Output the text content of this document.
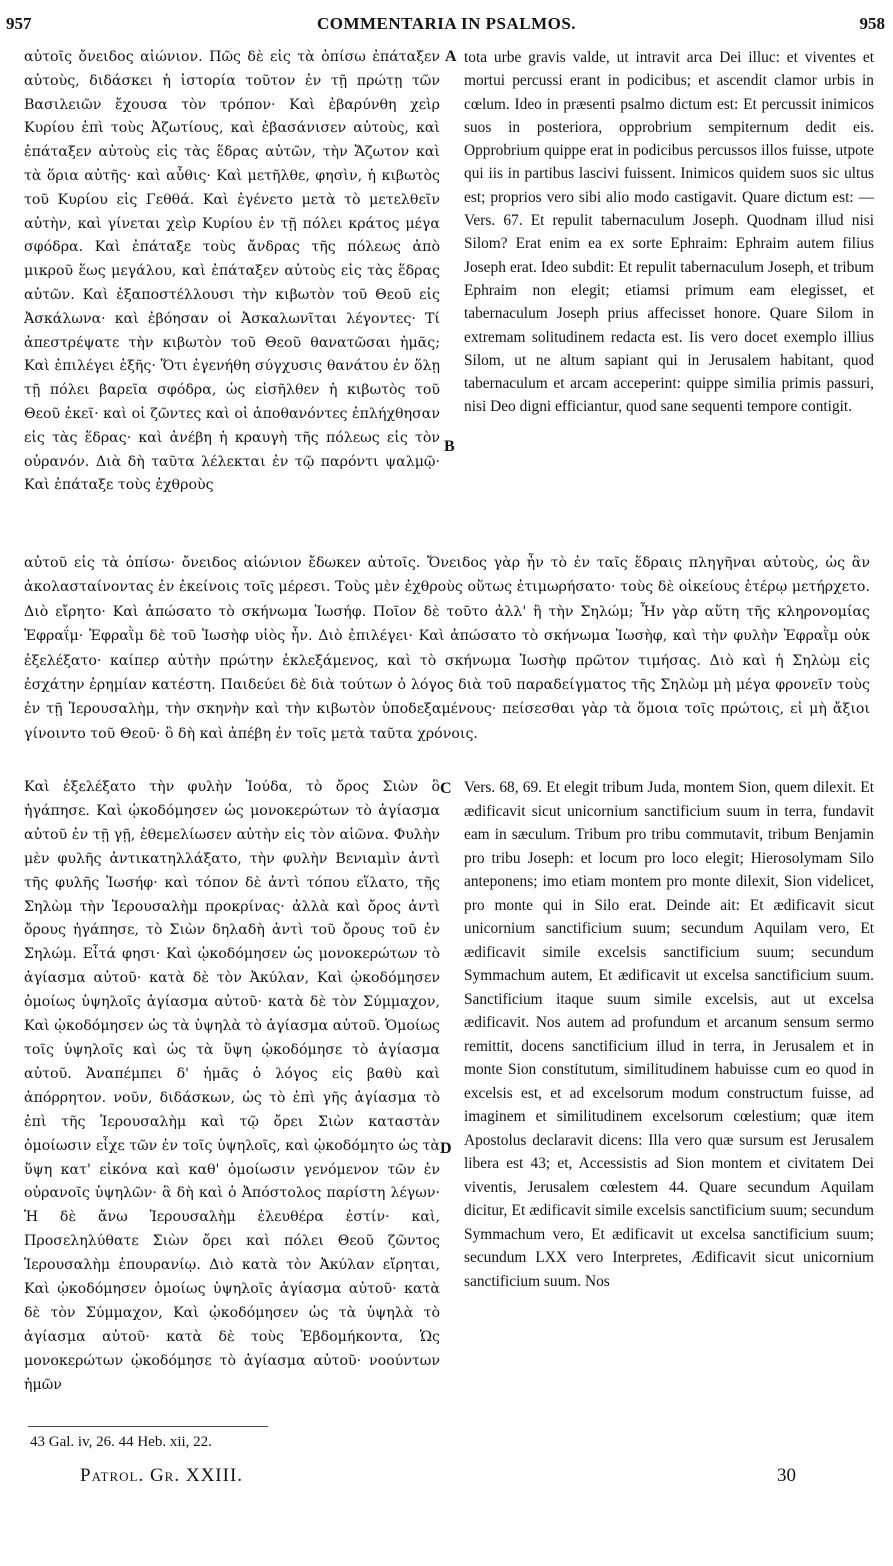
957	COMMENTARIA IN PSALMOS.	958

αὐτοῖς ὄνειδος αἰώνιον. Πῶς δὲ εἰς τὰ ὀπίσω ἐπάταξεν αὐτοὺς, διδάσκει ἡ ἱστορία τοῦτον ἐν τῇ πρώτῃ τῶν Βασιλειῶν ἔχουσα τὸν τρόπον· Καὶ ἐβαρύνθη χεὶρ Κυρίου ἐπὶ τοὺς Ἀζωτίους, καὶ ἐβασάνισεν αὐτοὺς, καὶ ἐπάταξεν αὐτοὺς εἰς τὰς ἕδρας αὐτῶν, τὴν Ἄζωτον καὶ τὰ ὅρια αὐτῆς· καὶ αὖθις· Καὶ μετῆλθε, φησὶν, ἡ κιβωτὸς τοῦ Κυρίου εἰς Γεθθά. Καὶ ἐγένετο μετὰ τὸ μετελθεῖν αὐτὴν, καὶ γίνεται χεὶρ Κυρίου ἐν τῇ πόλει κράτος μέγα σφόδρα. Καὶ ἐπάταξε τοὺς ἄνδρας τῆς πόλεως ἀπὸ μικροῦ ἕως μεγάλου, καὶ ἐπάταξεν αὐτοὺς εἰς τὰς ἕδρας αὐτῶν. Καὶ ἐξαποστέλλουσι τὴν κιβωτὸν τοῦ Θεοῦ εἰς Ἀσκάλωνα· καὶ ἐβόησαν οἱ Ἀσκαλωνῖται λέγοντες· Τί ἀπεστρέψατε τὴν κιβωτὸν τοῦ Θεοῦ θανατῶσαι ἡμᾶς; Καὶ ἐπιλέγει ἑξῆς· Ὅτι ἐγενήθη σύγχυσις θανάτου ἐν ὅλῃ τῇ πόλει βαρεῖα σφόδρα, ὡς εἰσῆλθεν ἡ κιβωτὸς τοῦ Θεοῦ ἐκεῖ· καὶ οἱ ζῶντες καὶ οἱ ἀποθανόντες ἐπλήχθησαν εἰς τὰς ἕδρας· καὶ ἀνέβη ἡ κραυγὴ τῆς πόλεως εἰς τὸν οὐρανόν. Διὰ δὴ ταῦτα λέλεκται ἐν τῷ παρόντι ψαλμῷ· Καὶ ἐπάταξε τοὺς ἐχθροὺς

A
B

tota urbe gravis valde, ut intravit arca Dei illuc: et viventes et mortui percussi erant in podicibus; et ascendit clamor urbis in cœlum. Ideo in præsenti psalmo dictum est: Et percussit inimicos suos in posteriora, opprobrium sempiternum dedit eis. Opprobrium quippe erat in podicibus percussos illos fuisse, utpote qui iis in partibus lascivi fuissent. Inimicos quidem suos sic ultus est; proprios vero sibi alio modo castigavit. Quare dictum est: — Vers. 67. Et repulit tabernaculum Joseph. Quodnam illud nisi Silom? Erat enim ea ex sorte Ephraim: Ephraim autem filius Joseph erat. Ideo subdit: Et repulit tabernaculum Joseph, et tribum Ephraim non elegit; etiamsi primum eam elegisset, et tabernaculum Joseph prius affecisset honore. Quare Silom in extremam solitudinem redacta est. Iis vero docet exemplo illius Silom, ut ne altum sapiant qui in Jerusalem habitant, quod tabernaculum et arcam acceperint: quippe similia primis passuri, nisi Deo digni efficiantur, quod sane sequenti tempore contigit.

αὐτοῦ εἰς τὰ ὀπίσω· ὄνειδος αἰώνιον ἔδωκεν αὐτοῖς. Ὄνειδος γὰρ ἦν τὸ ἐν ταῖς ἕδραις πληγῆναι αὐτοὺς, ὡς ἂν ἀκολασταίνοντας ἐν ἐκείνοις τοῖς μέρεσι. Τοὺς μὲν ἐχθροὺς οὕτως ἐτιμωρήσατο· τοὺς δὲ οἰκείους ἑτέρῳ μετήρχετο. Διὸ εἴρητο· Καὶ ἀπώσατο τὸ σκήνωμα Ἰωσήφ. Ποῖον δὲ τοῦτο ἀλλ' ἢ τὴν Σηλώμ; Ἦν γὰρ αὕτη τῆς κληρονομίας Ἐφραΐμ· Ἐφραῒμ δὲ τοῦ Ἰωσὴφ υἱὸς ἦν. Διὸ ἐπιλέγει· Καὶ ἀπώσατο τὸ σκήνωμα Ἰωσὴφ, καὶ τὴν φυλὴν Ἐφραῒμ οὐκ ἐξελέξατο· καίπερ αὐτὴν πρώτην ἐκλεξάμενος, καὶ τὸ σκήνωμα Ἰωσὴφ πρῶτον τιμήσας. Διὸ καὶ ἡ Σηλὼμ εἰς ἐσχάτην ἐρημίαν κατέστη. Παιδεύει δὲ διὰ τούτων ὁ λόγος διὰ τοῦ παραδείγματος τῆς Σηλὼμ μὴ μέγα φρονεῖν τοὺς ἐν τῇ Ἱερουσαλὴμ, τὴν σκηνὴν καὶ τὴν κιβωτὸν ὑποδεξαμένους· πείσεσθαι γὰρ τὰ ὅμοια τοῖς πρώτοις, εἰ μὴ ἄξιοι γίνοιντο τοῦ Θεοῦ· ὃ δὴ καὶ ἀπέβη ἐν τοῖς μετὰ ταῦτα χρόνοις.

Καὶ ἐξελέξατο τὴν φυλὴν Ἰούδα, τὸ ὄρος Σιὼν ὃ ἠγάπησε. Καὶ ᾠκοδόμησεν ὡς μονοκερώτων τὸ ἁγίασμα αὐτοῦ ἐν τῇ γῇ, ἐθεμελίωσεν αὐτὴν εἰς τὸν αἰῶνα. Φυλὴν μὲν φυλῆς ἀντικατηλλάξατο, τὴν φυλὴν Βενιαμὶν ἀντὶ τῆς φυλῆς Ἰωσήφ· καὶ τόπον δὲ ἀντὶ τόπου εἵλατο, τῆς Σηλὼμ τὴν Ἱερουσαλὴμ προκρίνας· ἀλλὰ καὶ ὄρος ἀντὶ ὄρους ἠγάπησε, τὸ Σιὼν δηλαδὴ ἀντὶ τοῦ ὄρους τοῦ ἐν Σηλώμ. Εἶτά φησι· Καὶ ᾠκοδόμησεν ὡς μονοκερώτων τὸ ἁγίασμα αὐτοῦ· κατὰ δὲ τὸν Ἀκύλαν, Καὶ ᾠκοδόμησεν ὁμοίως ὑψηλοῖς ἁγίασμα αὐτοῦ· κατὰ δὲ τὸν Σύμμαχον, Καὶ ᾠκοδόμησεν ὡς τὰ ὑψηλὰ τὸ ἁγίασμα αὐτοῦ. Ὁμοίως τοῖς ὑψηλοῖς καὶ ὡς τὰ ὕψη ᾠκοδόμησε τὸ ἁγίασμα αὐτοῦ. Ἀναπέμπει δ' ἡμᾶς ὁ λόγος εἰς βαθὺ καὶ ἀπόρρητον. νοῦν, διδάσκων, ὡς τὸ ἐπὶ γῆς ἁγίασμα τὸ ἐπὶ τῆς Ἱερουσαλὴμ καὶ τῷ ὄρει Σιὼν καταστὰν ὁμοίωσιν εἶχε τῶν ἐν τοῖς ὑψηλοῖς, καὶ ᾠκοδόμητο ὡς τὰ ὕψη κατ' εἰκόνα καὶ καθ' ὁμοίωσιν γενόμενον τῶν ἐν οὐρανοῖς ὑψηλῶν· ἃ δὴ καὶ ὁ Ἀπόστολος παρίστη λέγων· Ἡ δὲ ἄνω Ἱερουσαλὴμ ἐλευθέρα ἐστίν· καὶ, Προσεληλύθατε Σιὼν ὄρει καὶ πόλει Θεοῦ ζῶντος Ἱερουσαλὴμ ἐπουρανίῳ. Διὸ κατὰ τὸν Ἀκύλαν εἴρηται, Καὶ ᾠκοδόμησεν ὁμοίως ὑψηλοῖς ἁγίασμα αὐτοῦ· κατὰ δὲ τὸν Σύμμαχον, Καὶ ᾠκοδόμησεν ὡς τὰ ὑψηλὰ τὸ ἁγίασμα αὐτοῦ· κατὰ δὲ τοὺς Ἑβδομήκοντα, Ὡς μονοκερώτων ᾠκοδόμησε τὸ ἁγίασμα αὐτοῦ· νοούντων ἡμῶν

C
D

Vers. 68, 69. Et elegit tribum Juda, montem Sion, quem dilexit. Et ædificavit sicut unicornium sanctificium suum in terra, fundavit eam in sæculum. Tribum pro tribu commutavit, tribum Benjamin pro tribu Joseph: et locum pro loco elegit; Hierosolymam Silo anteponens; imo etiam montem pro monte dilexit, Sion videlicet, pro monte qui in Silo erat. Deinde ait: Et ædificavit sicut unicornium sanctificium suum; secundum Aquilam vero, Et ædificavit simile excelsis sanctificium suum; secundum Symmachum autem, Et ædificavit ut excelsa sanctificium suum. Sanctificium itaque suum simile excelsis, aut ut excelsa ædificavit. Nos autem ad profundum et arcanum sensum sermo remittit, docens sanctificium illud in terra, in Jerusalem et in monte Sion constitutum, similitudinem habuisse cum eo quod in excelsis est, et ad excelsorum modum constructum fuisse, ad imaginem et similitudinem excelsorum cœlestium; quæ item Apostolus declaravit dicens: Illa vero quæ sursum est Jerusalem libera est 43; et, Accessistis ad Sion montem et civitatem Dei viventis, Jerusalem cœlestem 44. Quare secundum Aquilam dicitur, Et ædificavit simile excelsis sanctificium suum; secundum Symmachum vero, Et ædificavit ut excelsa sanctificium suum; secundum LXX vero Interpretes, Ædificavit sicut unicornium sanctificium suum. Nos

43 Gal. iv, 26. 44 Heb. xii, 22.
Patrol. Gr. XXIII.	30
